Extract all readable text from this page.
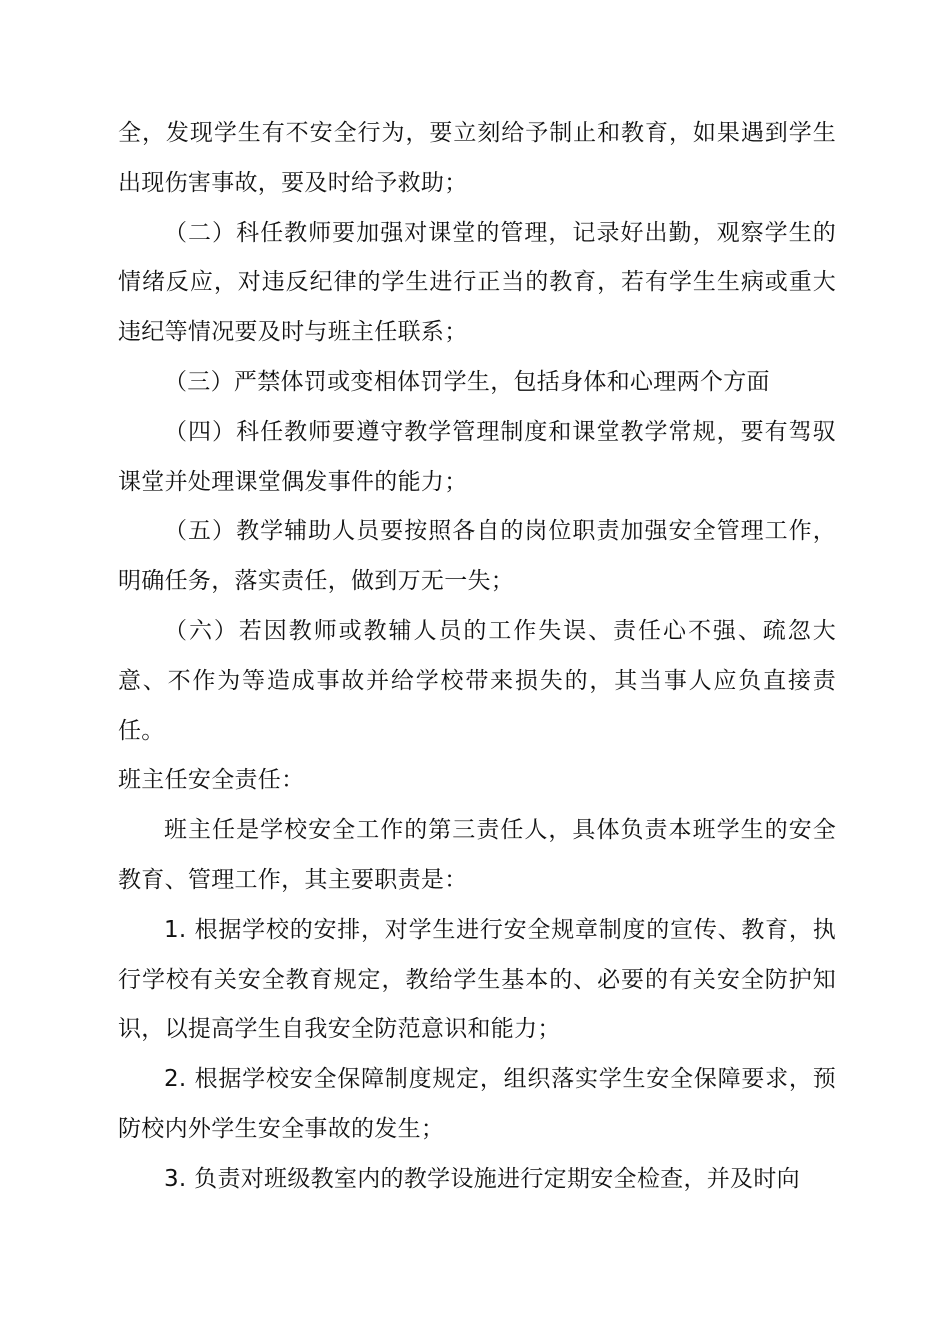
全，发现学生有不安全行为，要立刻给予制止和教育，如果遇到学生出现伤害事故，要及时给予救助；

（二）科任教师要加强对课堂的管理，记录好出勤，观察学生的情绪反应，对违反纪律的学生进行正当的教育，若有学生生病或重大违纪等情况要及时与班主任联系；

（三）严禁体罚或变相体罚学生，包括身体和心理两个方面

（四）科任教师要遵守教学管理制度和课堂教学常规，要有驾驭课堂并处理课堂偶发事件的能力；

（五）教学辅助人员要按照各自的岗位职责加强安全管理工作，明确任务，落实责任，做到万无一失；

（六）若因教师或教辅人员的工作失误、责任心不强、疏忽大意、不作为等造成事故并给学校带来损失的，其当事人应负直接责任。

班主任安全责任：

班主任是学校安全工作的第三责任人，具体负责本班学生的安全教育、管理工作，其主要职责是：

1. 根据学校的安排，对学生进行安全规章制度的宣传、教育，执行学校有关安全教育规定，教给学生基本的、必要的有关安全防护知识，以提高学生自我安全防范意识和能力；

2. 根据学校安全保障制度规定，组织落实学生安全保障要求，预防校内外学生安全事故的发生；

3. 负责对班级教室内的教学设施进行定期安全检查，并及时向
